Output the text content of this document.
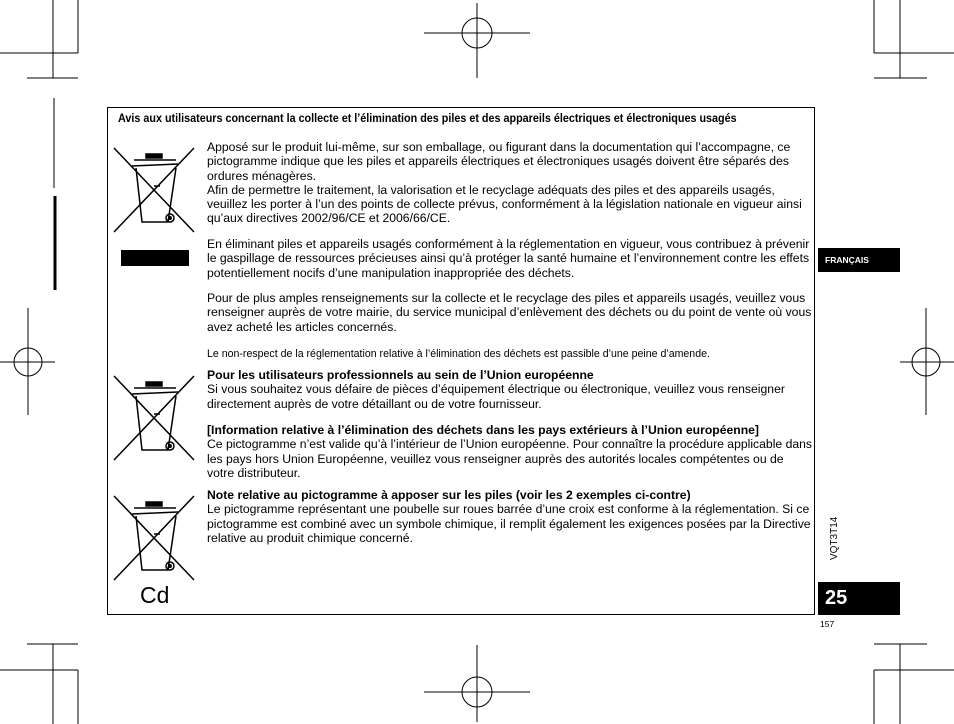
Avis aux utilisateurs concernant la collecte et l’élimination des piles et des appareils électriques et électroniques usagés

Apposé sur le produit lui-même, sur son emballage, ou figurant dans la documentation qui l’accompagne, ce pictogramme indique que les piles et appareils électriques et électroniques usagés doivent être séparés des ordures ménagères.

Afin de permettre le traitement, la valorisation et le recyclage adéquats des piles et des appareils usagés, veuillez les porter à l’un des points de collecte prévus, conformément à la législation nationale en vigueur ainsi qu’aux directives 2002/96/CE et 2006/66/CE.

En éliminant piles et appareils usagés conformément à la réglementation en vigueur, vous contribuez à prévenir le gaspillage de ressources précieuses ainsi qu’à protéger la santé humaine et l’environnement contre les effets potentiellement nocifs d’une manipulation inappropriée des déchets.
Pour de plus amples renseignements sur la collecte et le recyclage des piles et appareils usagés, veuillez vous renseigner auprès de votre mairie, du service municipal d’enlèvement des déchets ou du point de vente où vous avez acheté les articles concernés.
Le non-respect de la réglementation relative à l’élimination des déchets est passible d’une peine d’amende.

Pour les utilisateurs professionnels au sein de l’Union européenne

Si vous souhaitez vous défaire de pièces d’équipement électrique ou électronique, veuillez vous renseigner directement auprès de votre détaillant ou de votre fournisseur.

[Information relative à l’élimination des déchets dans les pays extérieurs à l’Union européenne]

Ce pictogramme n’est valide qu’à l’intérieur de l’Union européenne. Pour connaître la procédure applicable dans les pays hors Union Européenne, veuillez vous renseigner auprès des autorités locales compétentes ou de votre distributeur.

Cd

Note relative au pictogramme à apposer sur les piles (voir les 2 exemples ci-contre)

Le pictogramme représentant une poubelle sur roues barrée d’une croix est conforme à la réglementation. Si ce pictogramme est combiné avec un symbole chimique, il remplit également les exigences posées par la Directive relative au produit chimique concerné.

FRANÇAIS
VQT3T14
25
157
